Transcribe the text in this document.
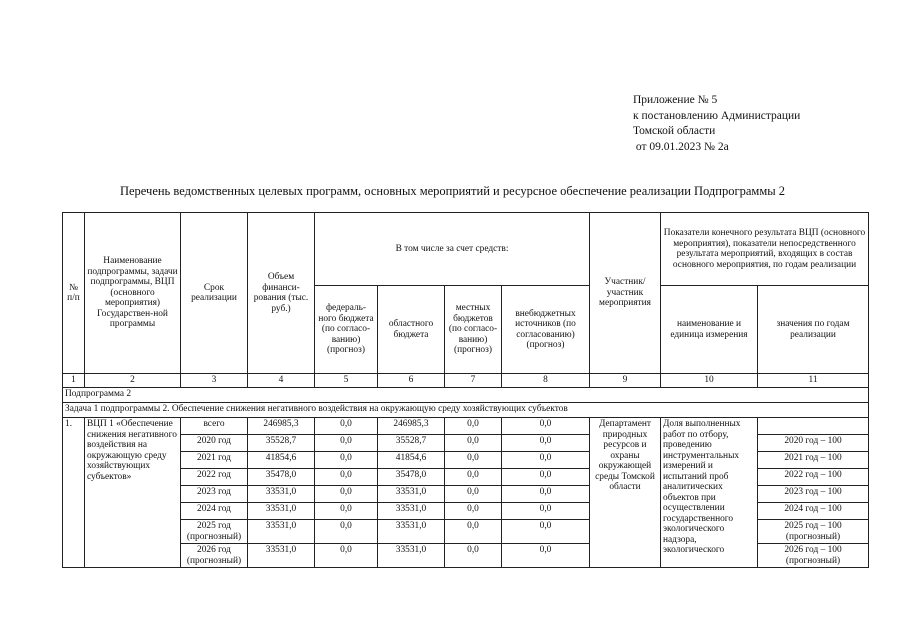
Приложение № 5
к постановлению Администрации
Томской области
от 09.01.2023 № 2а
Перечень ведомственных целевых программ, основных мероприятий и ресурсное обеспечение реализации Подпрограммы 2
№ п/п	Наименование подпрограммы, задачи подпрограммы, ВЦП (основного мероприятия) Государствен-ной программы	Срок реализации	Объем финанси-рования (тыс. руб.)	В том числе за счет средств:				Участник/ участник мероприятия	Показатели конечного результата ВЦП (основного мероприятия), показатели непосредственного результата мероприятий, входящих в состав основного мероприятия, по годам реализации	
				федераль-ного бюджета (по согласо-ванию) (прогноз)	областного бюджета	местных бюджетов (по согласо-ванию) (прогноз)	внебюджетных источников (по согласованию) (прогноз)		наименование и единица измерения	значения по годам реализации
1	2	3	4	5	6	7	8	9	10	11
Подпрограмма 2										
Задача 1 подпрограммы 2. Обеспечение снижения негативного воздействия на окружающую среду хозяйствующих субъектов										
1.	ВЦП 1 «Обеспечение снижения негативного воздействия на окружающую среду хозяйствующих субъектов»	всего	246985,3	0,0	246985,3	0,0	0,0	Департамент природных ресурсов и охраны окружающей среды Томской области	Доля выполненных работ по отбору, проведению инструментальных измерений и испытаний проб аналитических объектов при осуществлении государственного экологического надзора, экологического	
		2020 год	35528,7	0,0	35528,7	0,0	0,0			2020 год – 100
		2021 год	41854,6	0,0	41854,6	0,0	0,0			2021 год – 100
		2022 год	35478,0	0,0	35478,0	0,0	0,0			2022 год – 100
		2023 год	33531,0	0,0	33531,0	0,0	0,0			2023 год – 100
		2024 год	33531,0	0,0	33531,0	0,0	0,0			2024 год – 100
		2025 год (прогнозный)	33531,0	0,0	33531,0	0,0	0,0			2025 год – 100 (прогнозный)
		2026 год (прогнозный)	33531,0	0,0	33531,0	0,0	0,0			2026 год – 100 (прогнозный)
